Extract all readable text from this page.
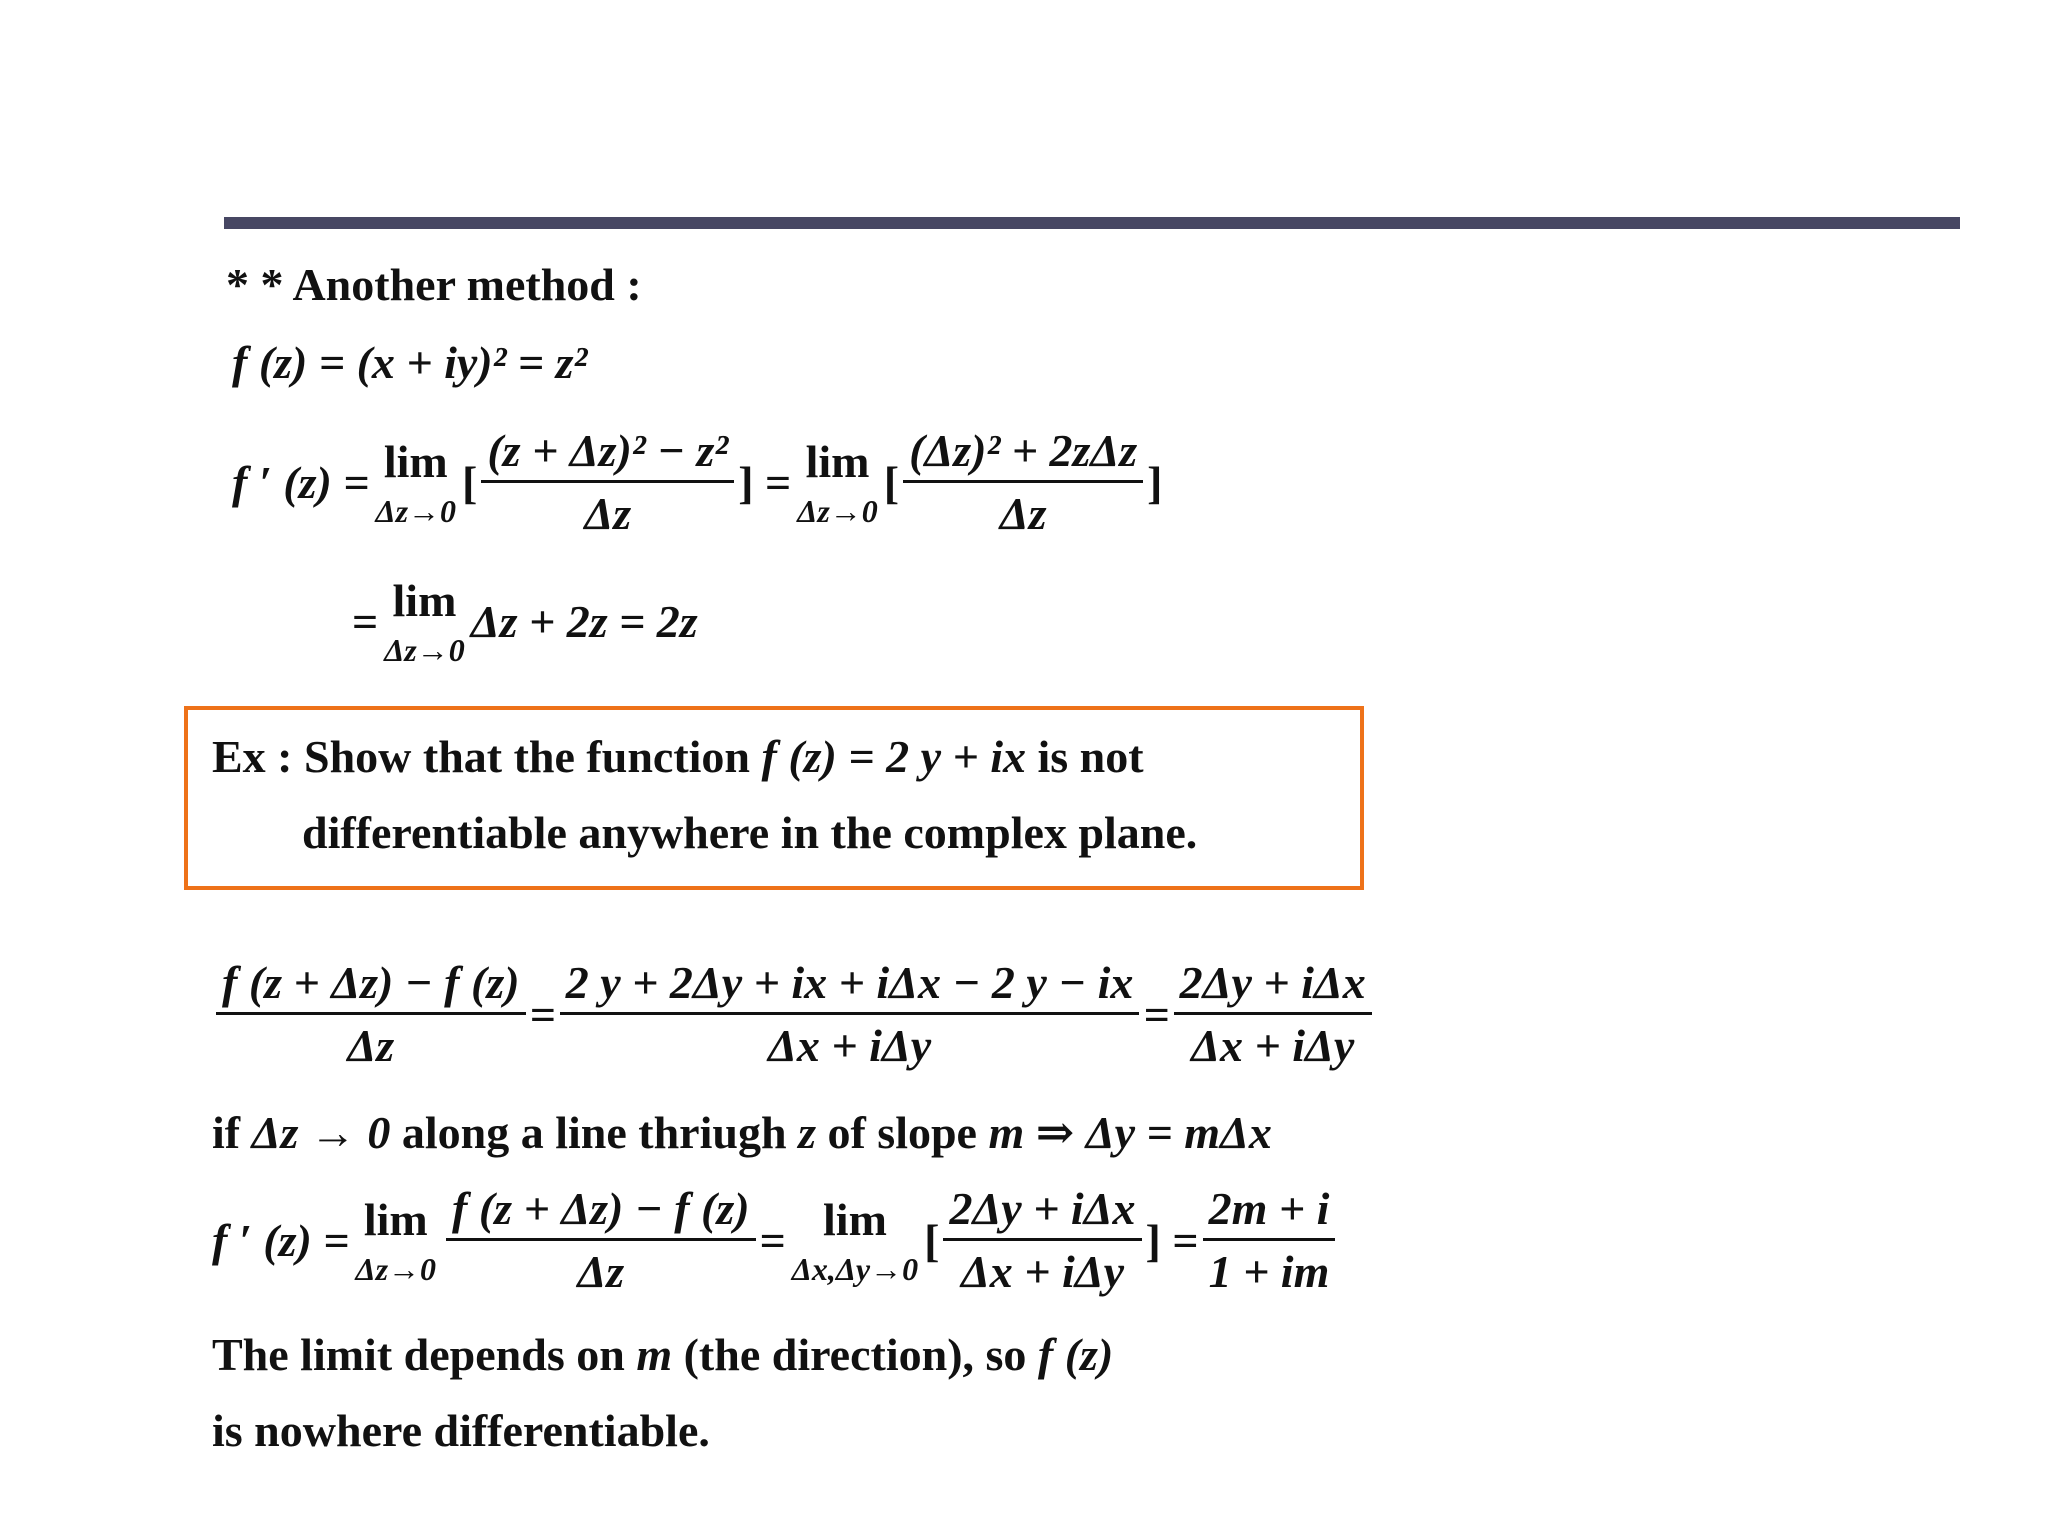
* * Another method :
f (z) = (x + iy)² = z²
f ′ (z) = lim
Δz→0
[ $\frac{\text{(z + Δz)² − z²}}{\Delta z}$ ] = lim
Δz→0
[ $\frac{\text{(Δz)² + 2zΔz}}{\Delta z}$ ]
= lim
Δz→0
Δz + 2z = 2z
Ex : Show that the function f (z) = 2 y + ix is not
differentiable anywhere in the complex plane.
$\frac{f (z + \Delta z) - f (z)}{\Delta z} = \frac{\text{2 y + 2Δy + ix + iΔx − 2 y − ix}}{\text{Δx + iΔy}} = \frac{\text{2Δy + iΔx}}{\text{Δx + iΔy}}$
if Δz → 0 along a line thriugh z of slope m ⇒ Δy = mΔx
f ′ (z) = lim
$\Delta z\to 0 \frac{f (z + \Delta z) - f (z)}{\Delta z} = \lim$
Δx,Δy→0
[ $\frac{\text{2Δy + iΔx}}{\text{Δx + iΔy}}$ ] = $\frac{2m + i}{1 + im}$
The limit depends on m (the direction), so f (z)
is nowhere differentiable.
